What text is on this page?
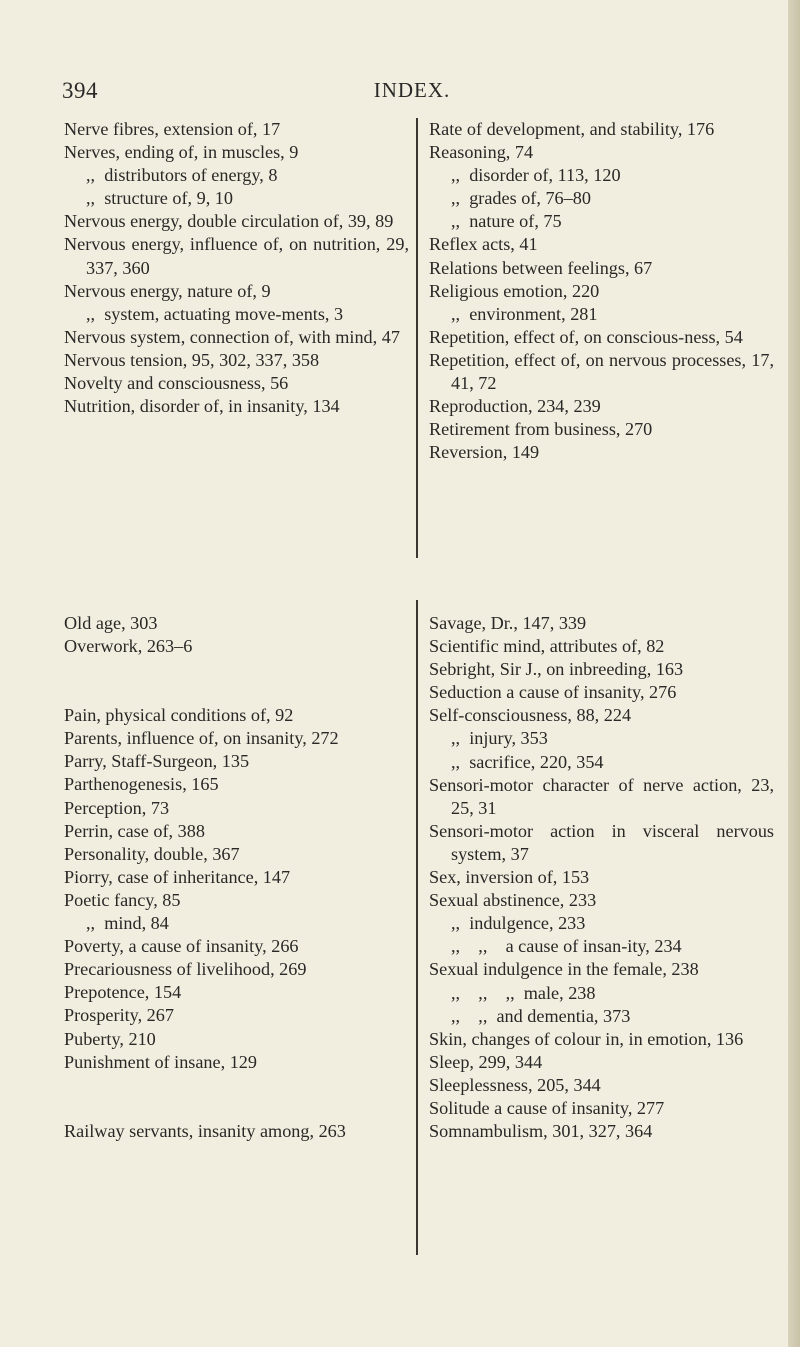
394	INDEX.
Nerve fibres, extension of, 17
Nerves, ending of, in muscles, 9
,,  distributors of energy, 8
,,  structure of, 9, 10
Nervous energy, double circulation of, 39, 89
Nervous energy, influence of, on nutrition, 29, 337, 360
Nervous energy, nature of, 9
,,  system, actuating move-ments, 3
Nervous system, connection of, with mind, 47
Nervous tension, 95, 302, 337, 358
Novelty and consciousness, 56
Nutrition, disorder of, in insanity, 134
Old age, 303
Overwork, 263–6
Pain, physical conditions of, 92
Parents, influence of, on insanity, 272
Parry, Staff-Surgeon, 135
Parthenogenesis, 165
Perception, 73
Perrin, case of, 388
Personality, double, 367
Piorry, case of inheritance, 147
Poetic fancy, 85
,,  mind, 84
Poverty, a cause of insanity, 266
Precariousness of livelihood, 269
Prepotence, 154
Prosperity, 267
Puberty, 210
Punishment of insane, 129
Railway servants, insanity among, 263
Rate of development, and stability, 176
Reasoning, 74
,,  disorder of, 113, 120
,,  grades of, 76–80
,,  nature of, 75
Reflex acts, 41
Relations between feelings, 67
Religious emotion, 220
,,  environment, 281
Repetition, effect of, on conscious-ness, 54
Repetition, effect of, on nervous processes, 17, 41, 72
Reproduction, 234, 239
Retirement from business, 270
Reversion, 149
Savage, Dr., 147, 339
Scientific mind, attributes of, 82
Sebright, Sir J., on inbreeding, 163
Seduction a cause of insanity, 276
Self-consciousness, 88, 224
,,  injury, 353
,,  sacrifice, 220, 354
Sensori-motor character of nerve action, 23, 25, 31
Sensori-motor action in visceral nervous system, 37
Sex, inversion of, 153
Sexual abstinence, 233
,,  indulgence, 233
,,    ,,    a cause of insan-ity, 234
Sexual indulgence in the female, 238
,,    ,,    ,,  male, 238
,,    ,,  and dementia, 373
Skin, changes of colour in, in emotion, 136
Sleep, 299, 344
Sleeplessness, 205, 344
Solitude a cause of insanity, 277
Somnambulism, 301, 327, 364
